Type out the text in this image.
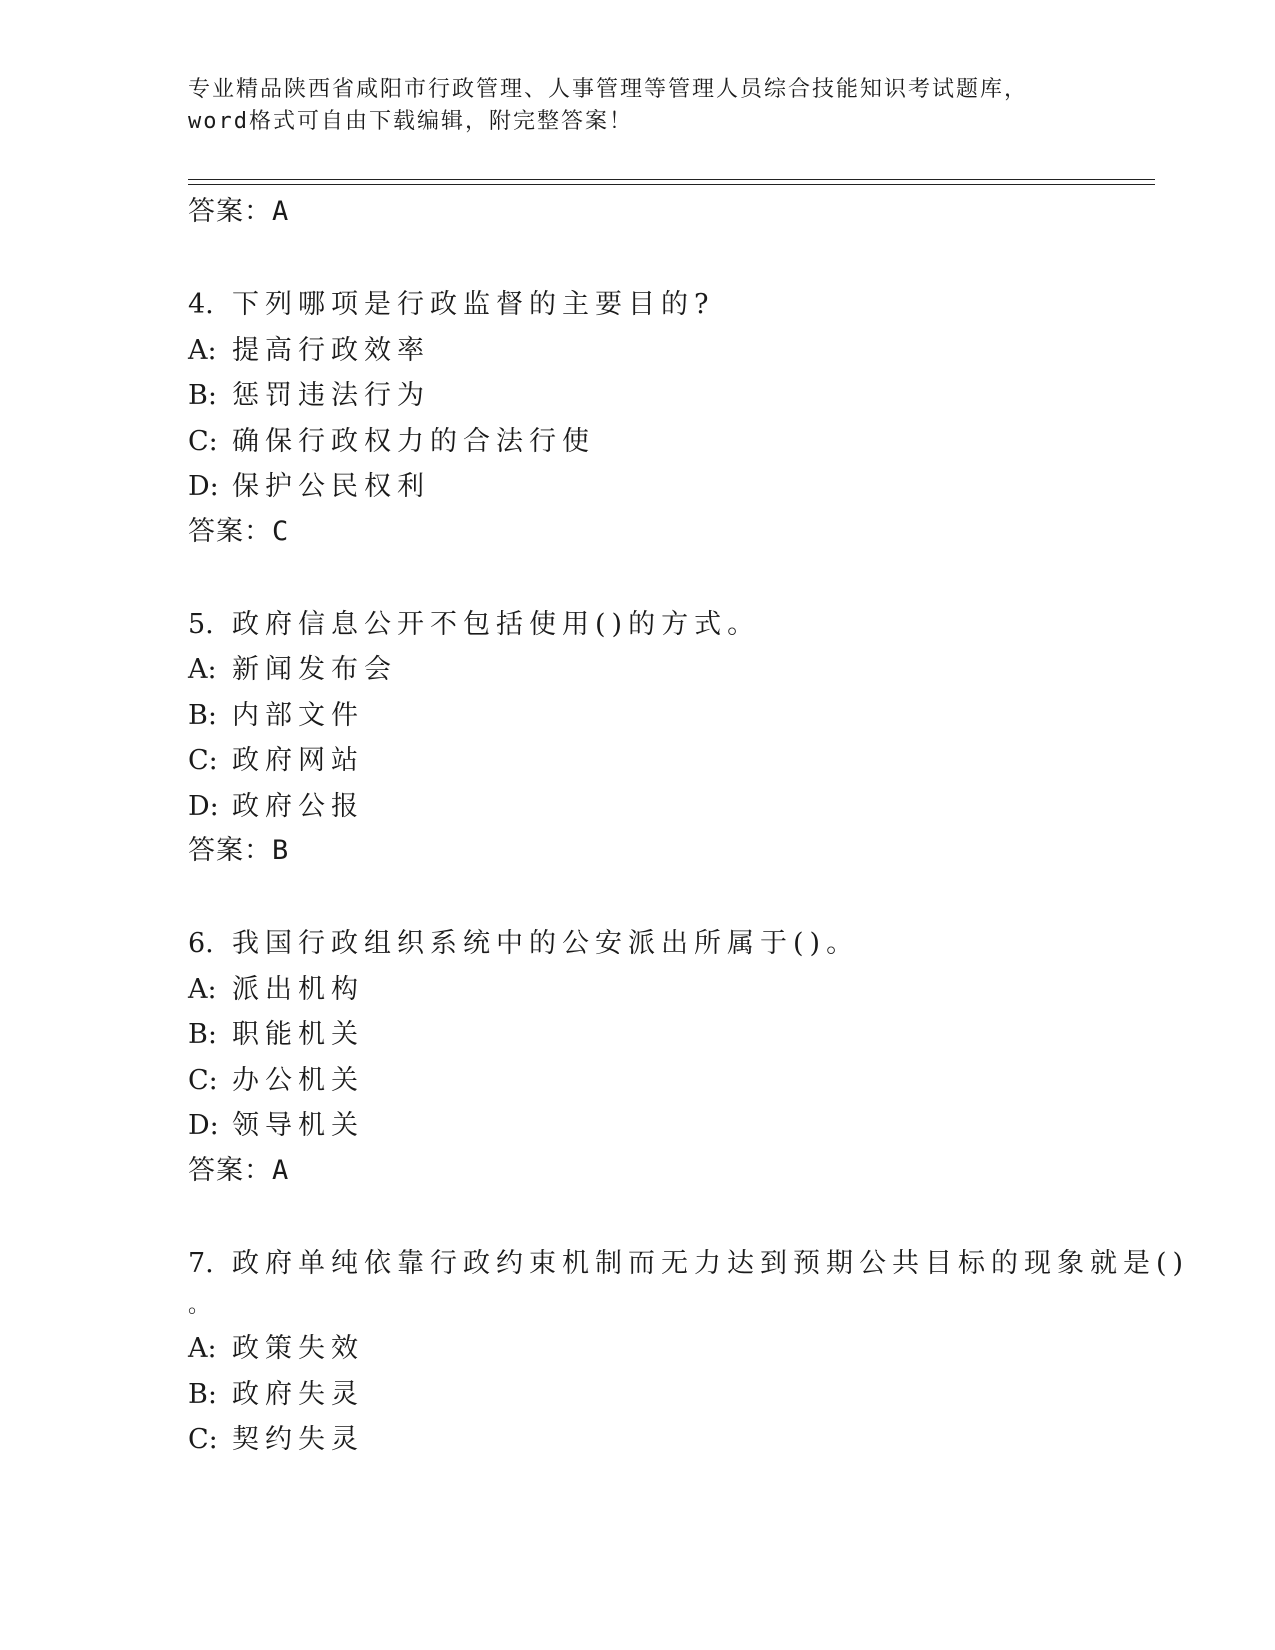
专业精品陕西省咸阳市行政管理、人事管理等管理人员综合技能知识考试题库，
word格式可自由下载编辑，附完整答案！
答案：A
4. 下列哪项是行政监督的主要目的?
A: 提高行政效率
B: 惩罚违法行为
C: 确保行政权力的合法行使
D: 保护公民权利
答案：C
5. 政府信息公开不包括使用()的方式。
A: 新闻发布会
B: 内部文件
C: 政府网站
D: 政府公报
答案：B
6. 我国行政组织系统中的公安派出所属于()。
A: 派出机构
B: 职能机关
C: 办公机关
D: 领导机关
答案：A
7. 政府单纯依靠行政约束机制而无力达到预期公共目标的现象就是()
。
A: 政策失效
B: 政府失灵
C: 契约失灵
